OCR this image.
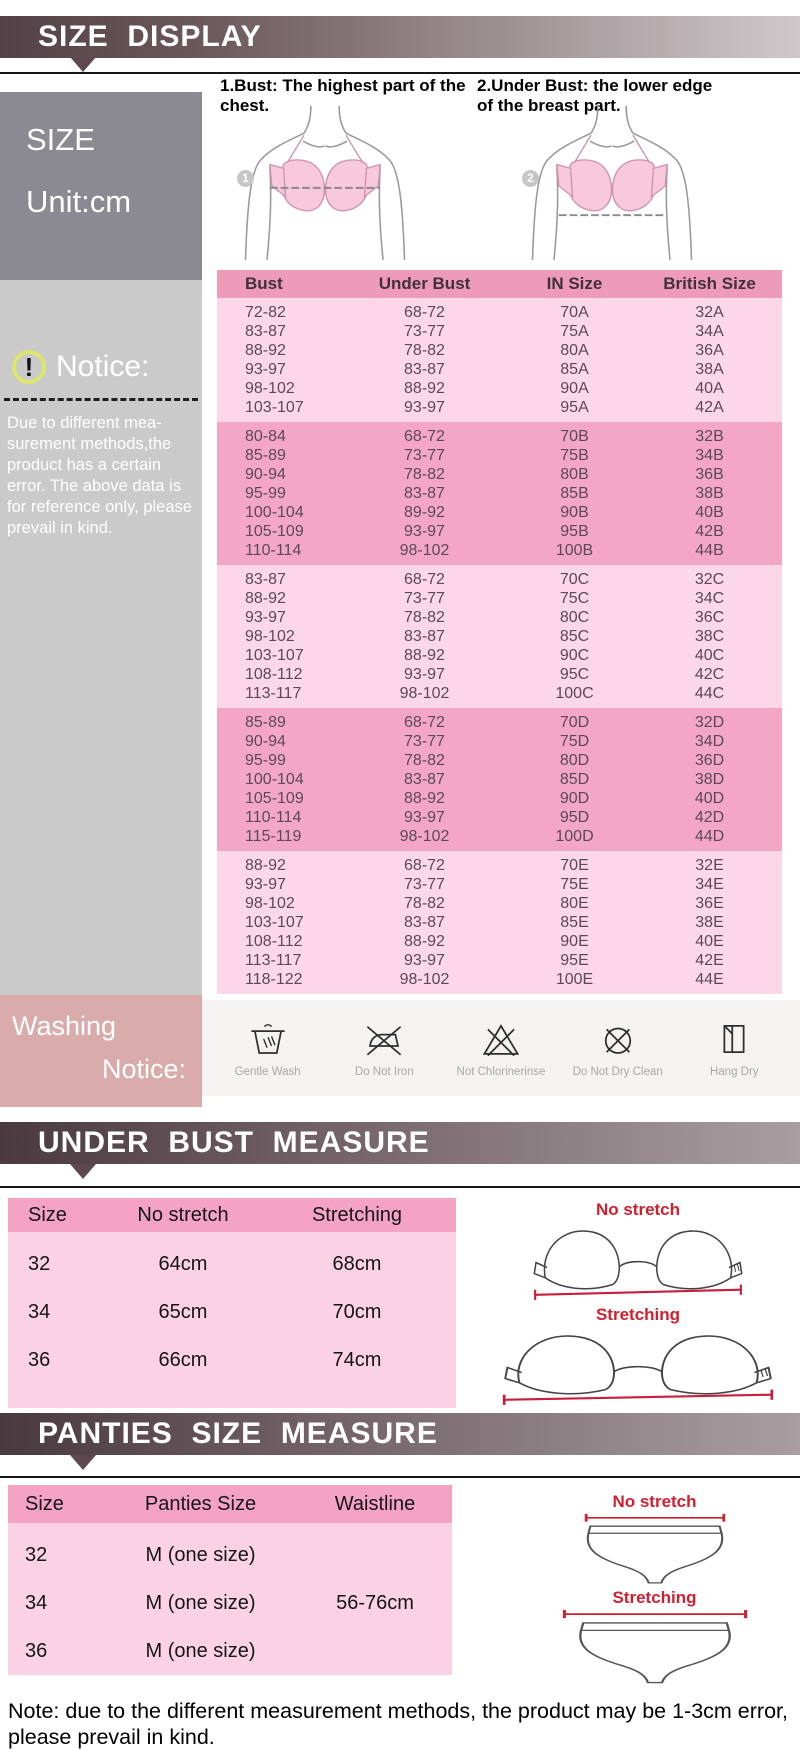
SIZE  DISPLAY
SIZE
Unit:cm
! Notice:
Due to different mea-surement methods,the product has a certain error. The above data is for reference only, please prevail in kind.
1.Bust: The highest part of the chest.
2.Under Bust: the lower edge of the breast part.
1	2
Bust	Under Bust	IN Size	British Size
72-82	68-72	70A	32A
83-87	73-77	75A	34A
88-92	78-82	80A	36A
93-97	83-87	85A	38A
98-102	88-92	90A	40A
103-107	93-97	95A	42A
80-84	68-72	70B	32B
85-89	73-77	75B	34B
90-94	78-82	80B	36B
95-99	83-87	85B	38B
100-104	89-92	90B	40B
105-109	93-97	95B	42B
110-114	98-102	100B	44B
83-87	68-72	70C	32C
88-92	73-77	75C	34C
93-97	78-82	80C	36C
98-102	83-87	85C	38C
103-107	88-92	90C	40C
108-112	93-97	95C	42C
113-117	98-102	100C	44C
85-89	68-72	70D	32D
90-94	73-77	75D	34D
95-99	78-82	80D	36D
100-104	83-87	85D	38D
105-109	88-92	90D	40D
110-114	93-97	95D	42D
115-119	98-102	100D	44D
88-92	68-72	70E	32E
93-97	73-77	75E	34E
98-102	78-82	80E	36E
103-107	83-87	85E	38E
108-112	88-92	90E	40E
113-117	93-97	95E	42E
118-122	98-102	100E	44E
Washing
Notice:	Gentle Wash	Do Not Iron	Not Chlorinerinse Do Not Dry Clean	Hang Dry
UNDER  BUST  MEASURE
Size	No stretch	Stretching
32	64cm	68cm
34	65cm	70cm
36	66cm	74cm
No stretch
Stretching
PANTIES  SIZE  MEASURE
Size	Panties Size	Waistline
32	M (one size)
34	M (one size)	56-76cm
36	M (one size)
No stretch
Stretching
Note: due to the different measurement methods, the product may be 1-3cm error, please prevail in kind.
